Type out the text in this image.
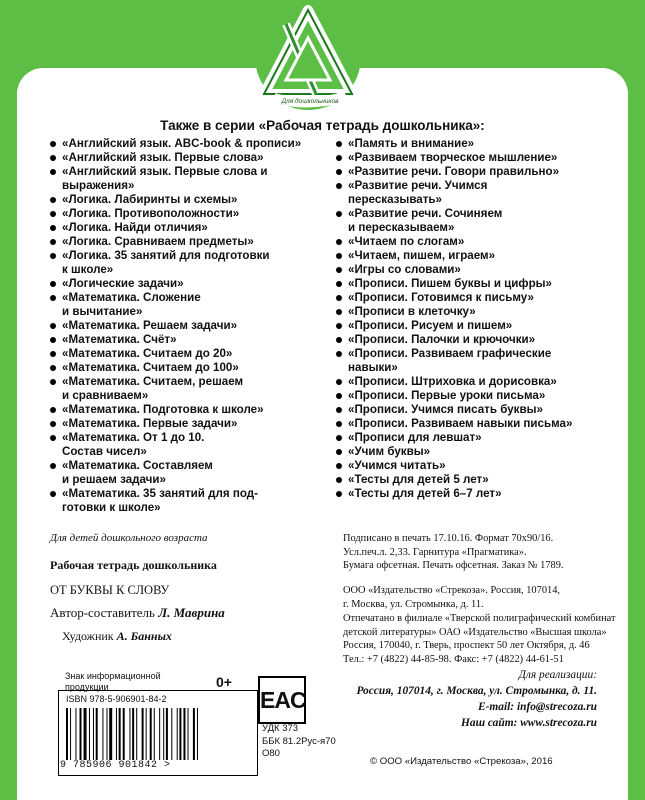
Для дошкольников
Также в серии «Рабочая тетрадь дошкольника»:
«Английский язык. ABC-book & прописи»
«Английский язык. Первые слова»
«Английский язык. Первые слова и
выражения»
«Логика. Лабиринты и схемы»
«Логика. Противоположности»
«Логика. Найди отличия»
«Логика. Сравниваем предметы»
«Логика. 35 занятий для подготовки
к школе»
«Логические задачи»
«Математика. Сложение
и вычитание»
«Математика. Решаем задачи»
«Математика. Счёт»
«Математика. Считаем до 20»
«Математика. Считаем до 100»
«Математика. Считаем, решаем
и сравниваем»
«Математика. Подготовка к школе»
«Математика. Первые задачи»
«Математика. От 1 до 10.
Состав чисел»
«Математика. Составляем
и решаем задачи»
«Математика. 35 занятий для под-
готовки к школе»
«Память и внимание»
«Развиваем творческое мышление»
«Развитие речи. Говори правильно»
«Развитие речи. Учимся
пересказывать»
«Развитие речи. Сочиняем
и пересказываем»
«Читаем по слогам»
«Читаем, пишем, играем»
«Игры со словами»
«Прописи. Пишем буквы и цифры»
«Прописи. Готовимся к письму»
«Прописи в клеточку»
«Прописи. Рисуем и пишем»
«Прописи. Палочки и крючочки»
«Прописи. Развиваем графические
навыки»
«Прописи. Штриховка и дорисовка»
«Прописи. Первые уроки письма»
«Прописи. Учимся писать буквы»
«Прописи. Развиваем навыки письма»
«Прописи для левшат»
«Учим буквы»
«Учимся читать»
«Тесты для детей 5 лет»
«Тесты для детей 6–7 лет»
Для детей дошкольного возраста
Рабочая тетрадь дошкольника
ОТ БУКВЫ К СЛОВУ
Автор-составитель Л. Маврина
Художник А. Банных
Подписано в печать 17.10.16. Формат 70х90/16.
Усл.печ.л. 2,33. Гарнитура «Прагматика».
Бумага офсетная. Печать офсетная. Заказ № 1789.
ООО «Издательство «Стрекоза». Россия, 107014,
г. Москва, ул. Стромынка, д. 11.
Отпечатано в филиале «Тверской полиграфический комбинат
детской литературы» ОАО «Издательство «Высшая школа»
Россия, 170040, г. Тверь, проспект 50 лет Октября, д. 46
Тел.: +7 (4822) 44-85-98. Факс: +7 (4822) 44-61-51
Для реализации:
Россия, 107014, г. Москва, ул. Стромынка, д. 11.
E-mail: info@strecoza.ru
Наш сайт: www.strecoza.ru
Знак информационной продукции	0+
ISBN 978-5-906901-84-2
9 785906 901842 >
EAC
УДК 373
ББК 81.2Рус-я70
О80
© ООО «Издательство «Стрекоза», 2016
